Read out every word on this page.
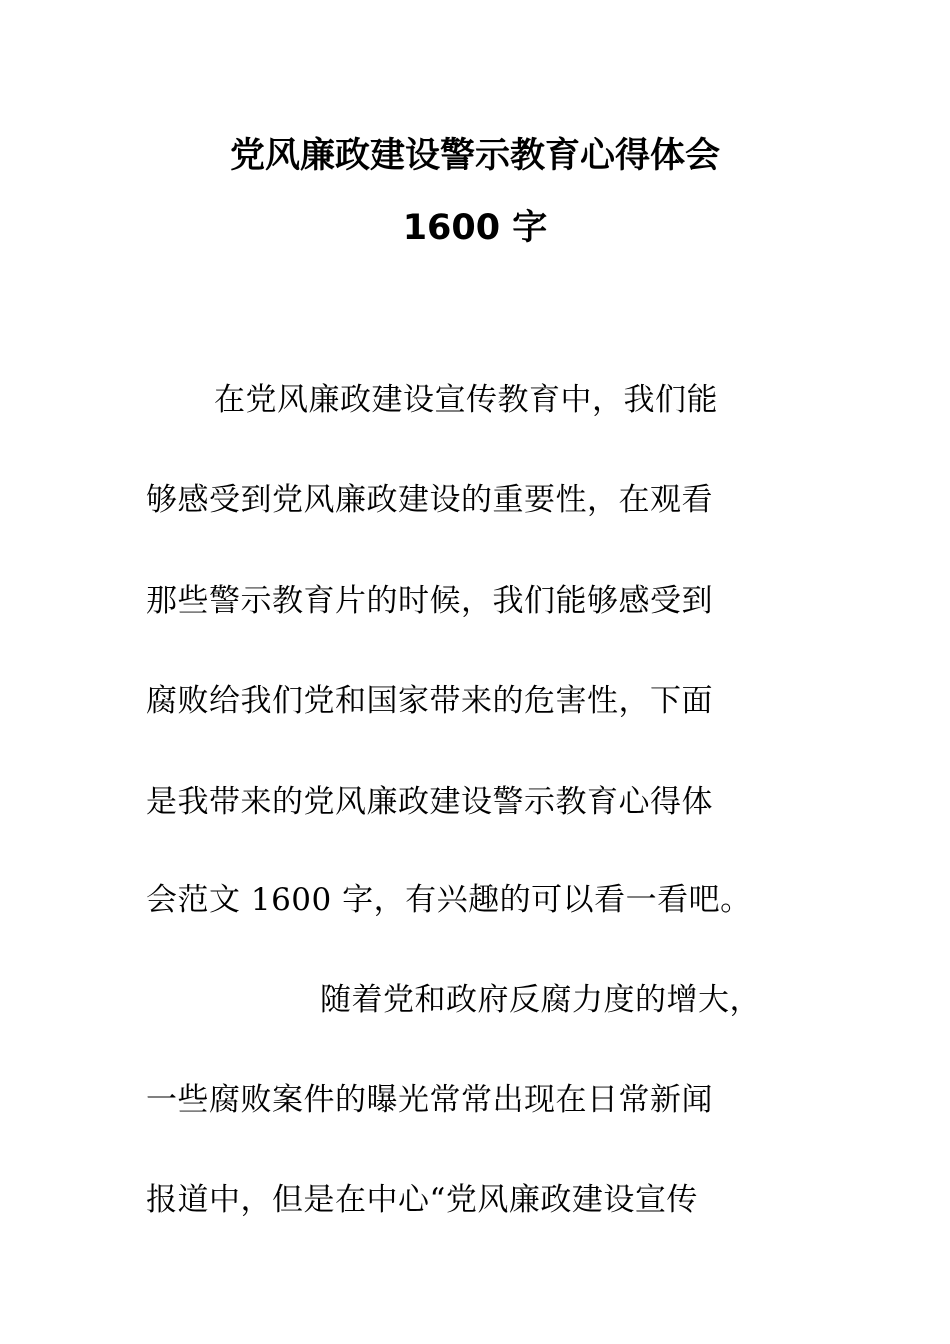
党风廉政建设警示教育心得体会
1600 字
在党风廉政建设宣传教育中，我们能
够感受到党风廉政建设的重要性，在观看
那些警示教育片的时候，我们能够感受到
腐败给我们党和国家带来的危害性，下面
是我带来的党风廉政建设警示教育心得体
会范文 1600 字，有兴趣的可以看一看吧。
随着党和政府反腐力度的增大，
一些腐败案件的曝光常常出现在日常新闻
报道中，但是在中心“党风廉政建设宣传
